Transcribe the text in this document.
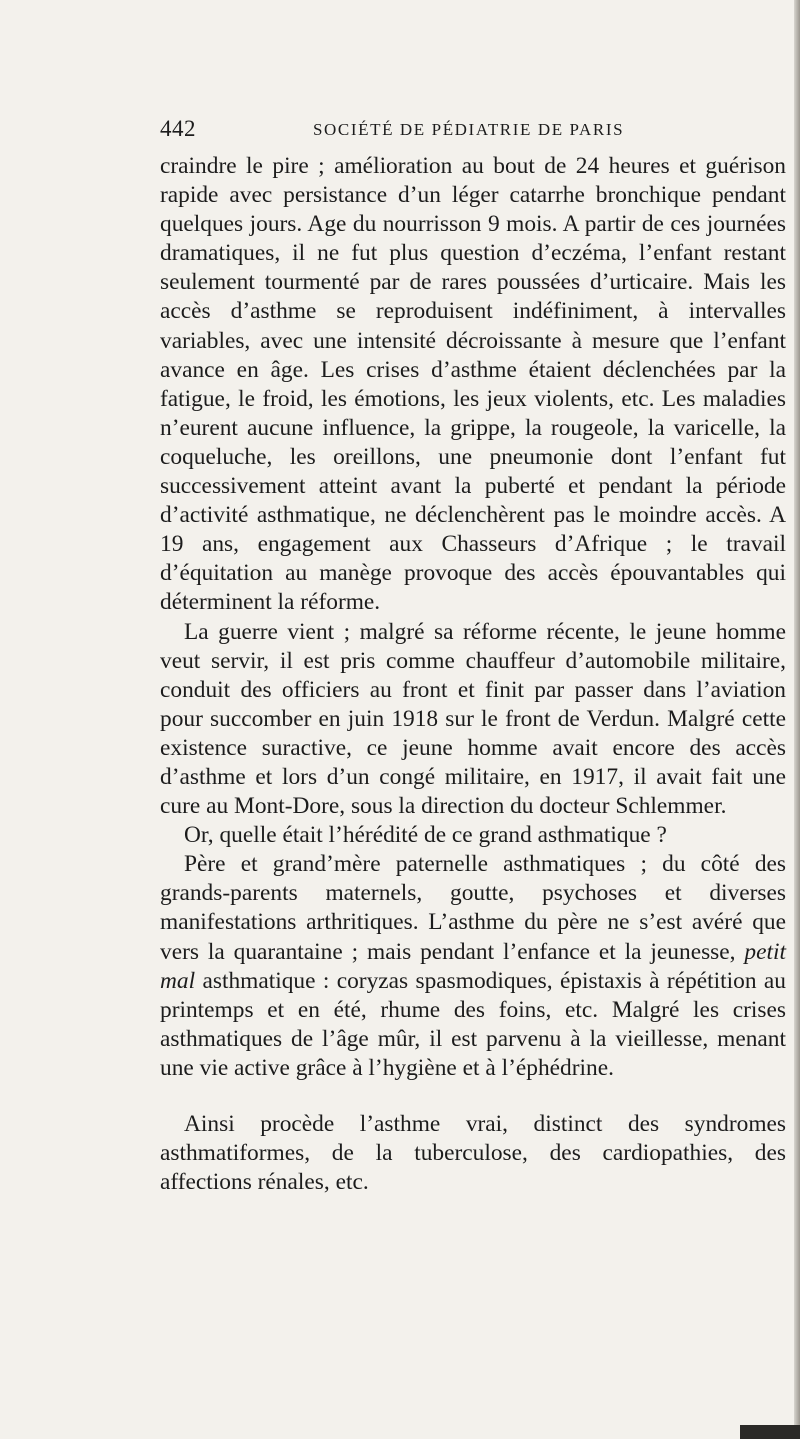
442	SOCIÉTÉ DE PÉDIATRIE DE PARIS

craindre le pire ; amélioration au bout de 24 heures et guérison rapide avec persistance d’un léger catarrhe bronchique pendant quelques jours. Age du nourrisson 9 mois. A partir de ces journées dramatiques, il ne fut plus question d’eczéma, l’enfant restant seulement tourmenté par de rares poussées d’urticaire. Mais les accès d’asthme se reproduisent indéfiniment, à intervalles variables, avec une intensité décroissante à mesure que l’enfant avance en âge. Les crises d’asthme étaient déclenchées par la fatigue, le froid, les émotions, les jeux violents, etc. Les maladies n’eurent aucune influence, la grippe, la rougeole, la varicelle, la coqueluche, les oreillons, une pneumonie dont l’enfant fut successivement atteint avant la puberté et pendant la période d’activité asthmatique, ne déclenchèrent pas le moindre accès. A 19 ans, engagement aux Chasseurs d’Afrique ; le travail d’équitation au manège provoque des accès épouvantables qui déterminent la réforme.

La guerre vient ; malgré sa réforme récente, le jeune homme veut servir, il est pris comme chauffeur d’automobile militaire, conduit des officiers au front et finit par passer dans l’aviation pour succomber en juin 1918 sur le front de Verdun. Malgré cette existence suractive, ce jeune homme avait encore des accès d’asthme et lors d’un congé militaire, en 1917, il avait fait une cure au Mont-Dore, sous la direction du docteur Schlemmer.

Or, quelle était l’hérédité de ce grand asthmatique ?

Père et grand’mère paternelle asthmatiques ; du côté des grands-parents maternels, goutte, psychoses et diverses manifestations arthritiques. L’asthme du père ne s’est avéré que vers la quarantaine ; mais pendant l’enfance et la jeunesse, petit mal asthmatique : coryzas spasmodiques, épistaxis à répétition au printemps et en été, rhume des foins, etc. Malgré les crises asthmatiques de l’âge mûr, il est parvenu à la vieillesse, menant une vie active grâce à l’hygiène et à l’éphédrine.

Ainsi procède l’asthme vrai, distinct des syndromes asthmatiformes, de la tuberculose, des cardiopathies, des affections rénales, etc.
